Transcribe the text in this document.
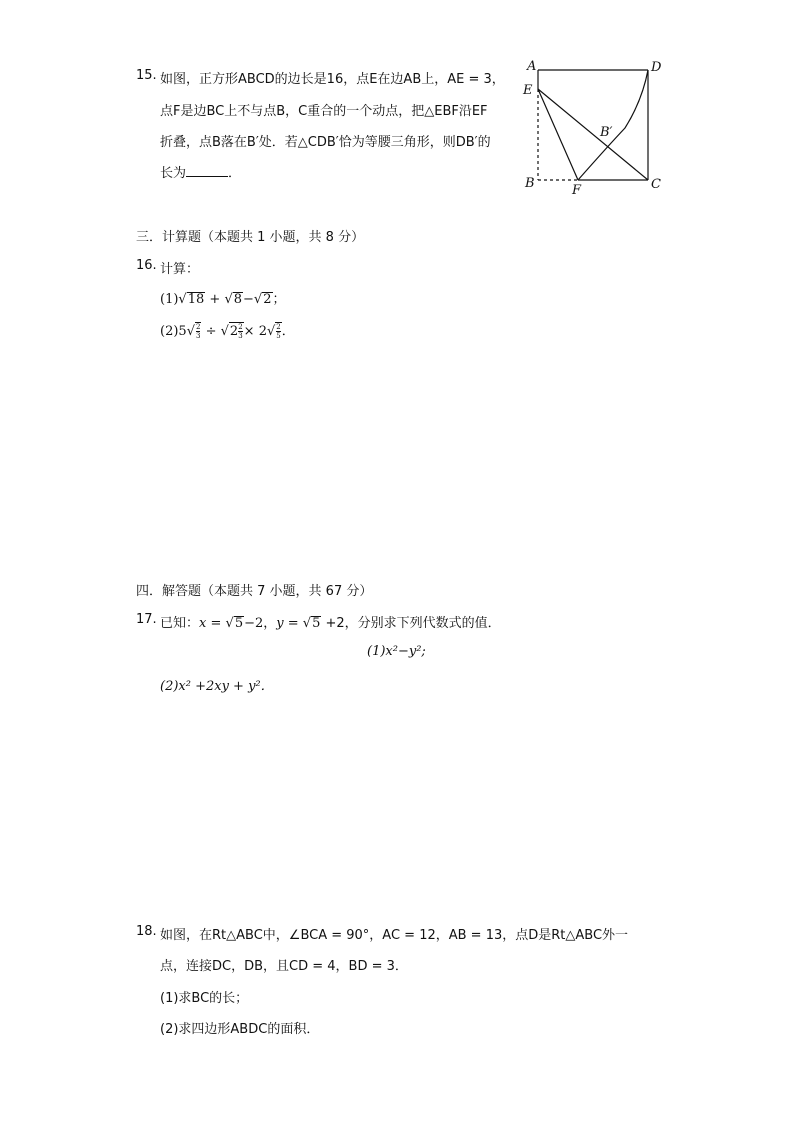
15. 如图，正方形ABCD的边长是16，点E在边AB上，AE = 3，
点F是边BC上不与点B，C重合的一个动点，把△EBF沿EF
折叠，点B落在B′处．若△CDB′恰为等腰三角形，则DB′的
长为	．
A	D
E
B′
B	F	C
三．计算题（本题共 1 小题，共 8 分）
16. 计算：
(1)√18 + √8−√2；
$(2)5√ \frac{2}{3} \div √2 \frac{2}{3} \times 2√ \frac{2}{5}$ ．
四．解答题（本题共 7 小题，共 67 分）
17. 已知：x = √5−2，y = √5 +2，分别求下列代数式的值．
(1)x²−y²;
(2)x² +2xy + y²．
18. 如图，在Rt△ABC中，∠BCA = 90°，AC = 12，AB = 13，点D是Rt△ABC外一
点，连接DC，DB，且CD = 4，BD = 3．
(1)求BC的长；
(2)求四边形ABDC的面积．
